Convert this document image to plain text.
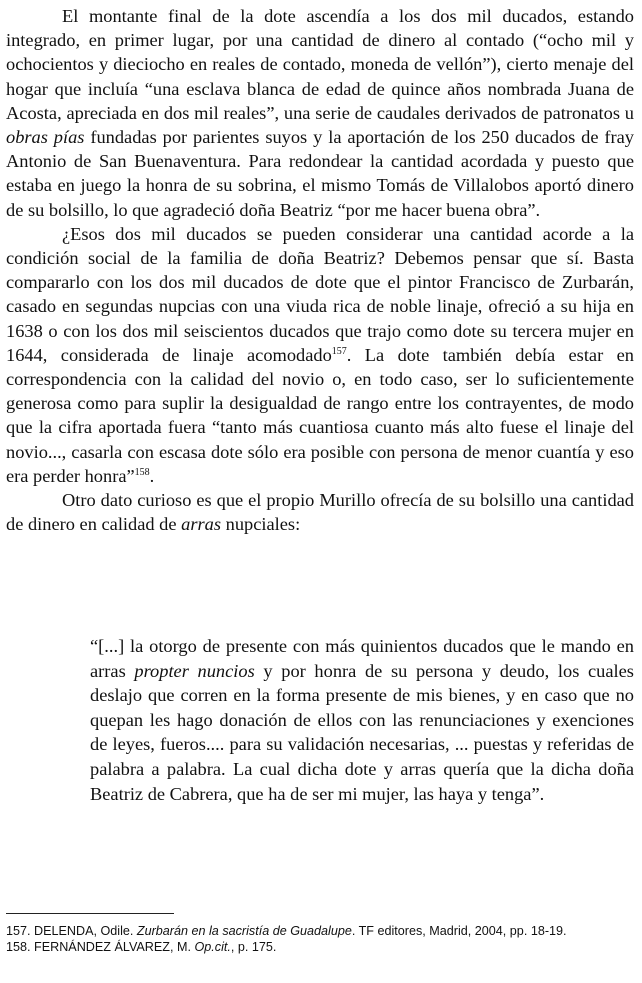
El montante final de la dote ascendía a los dos mil ducados, estando integrado, en primer lugar, por una cantidad de dinero al contado (“ocho mil y ochocientos y dieciocho en reales de contado, moneda de vellón”), cierto menaje del hogar que incluía “una esclava blanca de edad de quince años nombrada Juana de Acosta, apreciada en dos mil reales”, una serie de caudales derivados de patronatos u obras pías fundadas por parientes suyos y la aportación de los 250 ducados de fray Antonio de San Buenaventura. Para redondear la cantidad acordada y puesto que estaba en juego la honra de su sobrina, el mismo Tomás de Villalobos aportó dinero de su bolsillo, lo que agradeció doña Beatriz “por me hacer buena obra”.

¿Esos dos mil ducados se pueden considerar una cantidad acorde a la condición social de la familia de doña Beatriz? Debemos pensar que sí. Basta compararlo con los dos mil ducados de dote que el pintor Francisco de Zurbarán, casado en segundas nupcias con una viuda rica de noble linaje, ofreció a su hija en 1638 o con los dos mil seiscientos ducados que trajo como dote su tercera mujer en 1644, considerada de linaje acomodado$^{157}$. La dote también debía estar en correspondencia con la calidad del novio o, en todo caso, ser lo suficientemente generosa como para suplir la desigualdad de rango entre los contrayentes, de modo que la cifra aportada fuera “tanto más cuantiosa cuanto más alto fuese el linaje del novio..., casarla con escasa dote sólo era posible con persona de menor cuantía y eso era perder honra”$^{158}$.

Otro dato curioso es que el propio Murillo ofrecía de su bolsillo una cantidad de dinero en calidad de arras nupciales:

“[...] la otorgo de presente con más quinientos ducados que le mando en arras propter nuncios y por honra de su persona y deudo, los cuales deslajo que corren en la forma presente de mis bienes, y en caso que no quepan les hago donación de ellos con las renunciaciones y exenciones de leyes, fueros.... para su validación necesarias, ... puestas y referidas de palabra a palabra. La cual dicha dote y arras quería que la dicha doña Beatriz de Cabrera, que ha de ser mi mujer, las haya y tenga”.

157. DELENDA, Odile. Zurbarán en la sacristía de Guadalupe. TF editores, Madrid, 2004, pp. 18-19.

158. FERNÁNDEZ ÁLVAREZ, M. Op.cit., p. 175.
